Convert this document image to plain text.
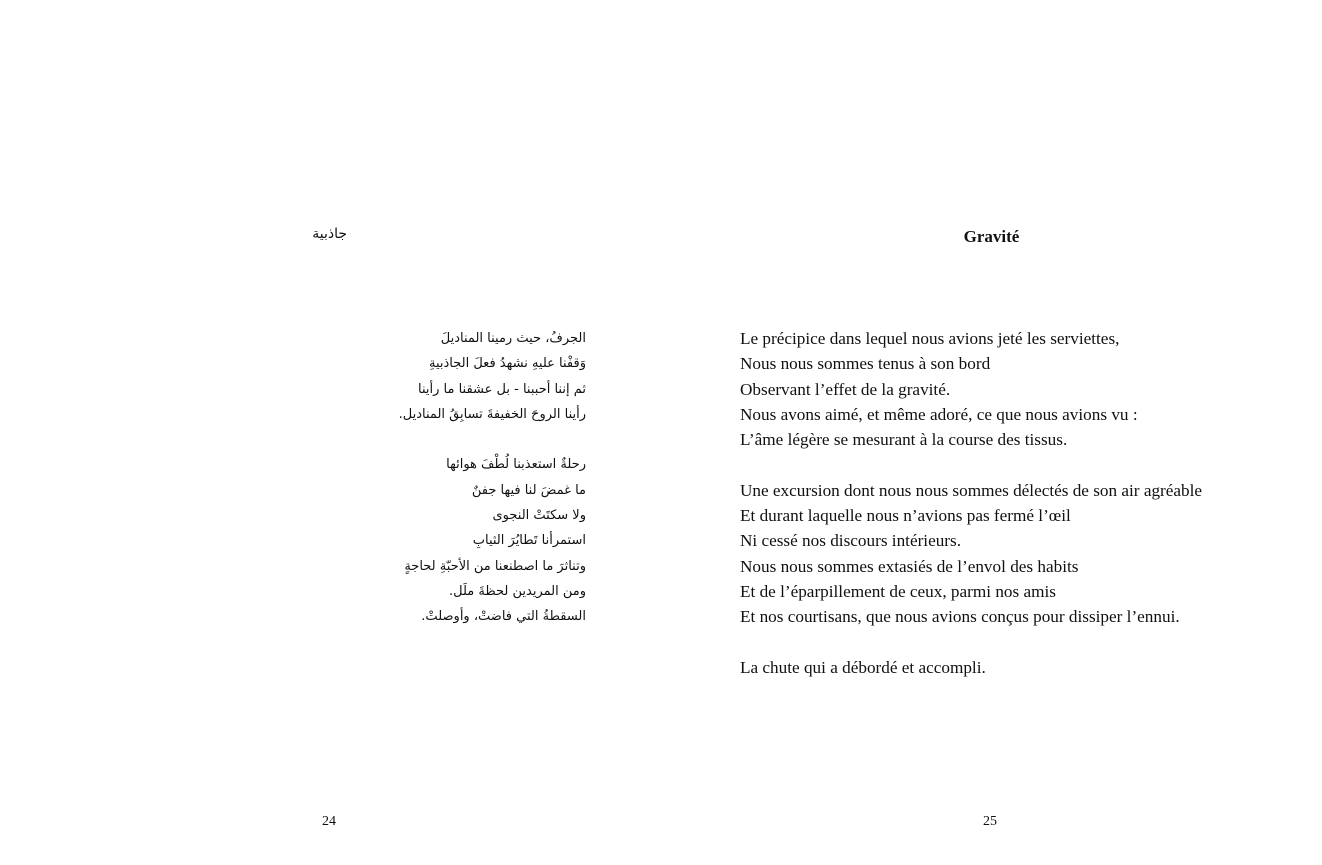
جاذبية
الجرفُ، حيث رمينا المناديلَ
وَقفْنا عليهِ نشهدُ فعلَ الجاذبيةِ
ثم إننا أحببنا - بل عشقنا ما رأينا
رأينا الروحَ الخفيفةَ تسابِقُ المناديل.
رحلةٌ استعذبنا لُطْفَ هوائها
ما غمضَ لنا فيها جفنٌ
ولا سكتَتْ النجوى
استمرأنا تَطايُرَ الثيابِ
وتناثرَ ما اصطنعنا من الأحبّةِ لحاجةٍ
ومن المريدين لحظةَ ملَل.
السقطةُ التي فاضتْ، وأوصلتْ.
24
Gravité
Le précipice dans lequel nous avions jeté les serviettes,
Nous nous sommes tenus à son bord
Observant l’effet de la gravité.
Nous avons aimé, et même adoré, ce que nous avions vu :
L’âme légère se mesurant à la course des tissus.
Une excursion dont nous nous sommes délectés de son air agréable
Et durant laquelle nous n’avions pas fermé l’œil
Ni cessé nos discours intérieurs.
Nous nous sommes extasiés de l’envol des habits
Et de l’éparpillement de ceux, parmi nos amis
Et nos courtisans, que nous avions conçus pour dissiper l’ennui.
La chute qui a débordé et accompli.
25
